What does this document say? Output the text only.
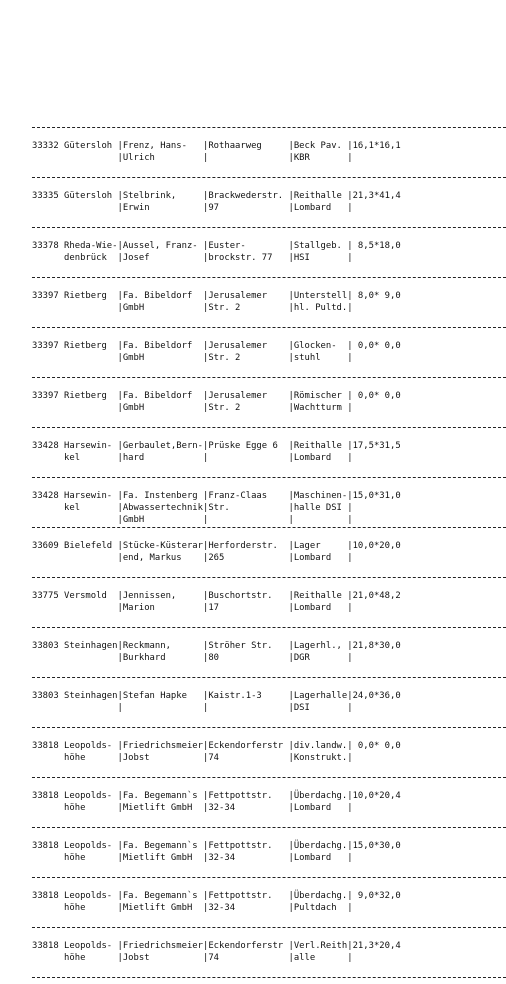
33332 Gütersloh |Frenz, Hans-   |Rothaarweg     |Beck Pav. |16,1*16,1
|Ulrich         |               |KBR       |
33335 Gütersloh |Stelbrink,     |Brackwederstr. |Reithalle |21,3*41,4
|Erwin          |97             |Lombard   |
33378 Rheda-Wie-|Aussel, Franz- |Euster-        |Stallgeb. | 8,5*18,0
denbrück  |Josef          |brockstr. 77   |HSI       |
33397 Rietberg  |Fa. Bibeldorf  |Jerusalemer    |Unterstell| 8,0* 9,0
|GmbH           |Str. 2         |hl. Pultd.|
33397 Rietberg  |Fa. Bibeldorf  |Jerusalemer    |Glocken-  | 0,0* 0,0
|GmbH           |Str. 2         |stuhl     |
33397 Rietberg  |Fa. Bibeldorf  |Jerusalemer    |Römischer | 0,0* 0,0
|GmbH           |Str. 2         |Wachtturm |
33428 Harsewin- |Gerbaulet,Bern-|Prüske Egge 6  |Reithalle |17,5*31,5
kel       |hard           |               |Lombard   |
33428 Harsewin- |Fa. Instenberg |Franz-Claas    |Maschinen-|15,0*31,0
kel       |Abwassertechnik|Str.           |halle DSI |
|GmbH           |               |          |
33609 Bielefeld |Stücke-Küsterar|Herforderstr.  |Lager     |10,0*20,0
|end, Markus    |265            |Lombard   |
33775 Versmold  |Jennissen,     |Buschortstr.   |Reithalle |21,0*48,2
|Marion         |17             |Lombard   |
33803 Steinhagen|Reckmann,      |Ströher Str.   |Lagerhl., |21,8*30,0
|Burkhard       |80             |DGR       |
33803 Steinhagen|Stefan Hapke   |Kaistr.1-3     |Lagerhalle|24,0*36,0
|               |               |DSI       |
33818 Leopolds- |Friedrichsmeier|Eckendorferstr |div.landw.| 0,0* 0,0
höhe      |Jobst          |74             |Konstrukt.|
33818 Leopolds- |Fa. Begemann`s |Fettpottstr.   |Überdachg.|10,0*20,4
höhe      |Mietlift GmbH  |32-34          |Lombard   |
33818 Leopolds- |Fa. Begemann`s |Fettpottstr.   |Überdachg.|15,0*30,0
höhe      |Mietlift GmbH  |32-34          |Lombard   |
33818 Leopolds- |Fa. Begemann`s |Fettpottstr.   |Überdachg.| 9,0*32,0
höhe      |Mietlift GmbH  |32-34          |Pultdach  |
33818 Leopolds- |Friedrichsmeier|Eckendorferstr |Verl.Reith|21,3*20,4
höhe      |Jobst          |74             |alle      |
